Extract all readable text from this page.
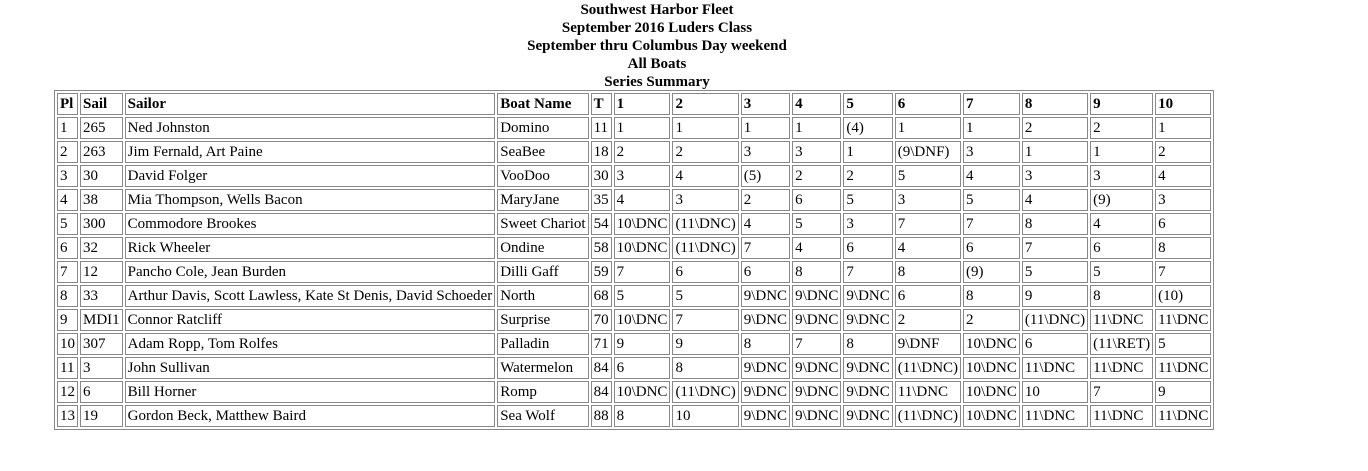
Southwest Harbor Fleet
September 2016 Luders Class
September thru Columbus Day weekend
All Boats
Series Summary
Pl	Sail	Sailor	Boat Name	T	1	2	3	4	5	6	7	8	9	10
1	265	Ned Johnston	Domino	11	1	1	1	1	(4)	1	1	2	2	1
2	263	Jim Fernald, Art Paine	SeaBee	18	2	2	3	3	1	(9\DNF)	3	1	1	2
3	30	David Folger	VooDoo	30	3	4	(5)	2	2	5	4	3	3	4
4	38	Mia Thompson, Wells Bacon	MaryJane	35	4	3	2	6	5	3	5	4	(9)	3
5	300	Commodore Brookes	Sweet Chariot	54	10\DNC	(11\DNC)	4	5	3	7	7	8	4	6
6	32	Rick Wheeler	Ondine	58	10\DNC	(11\DNC)	7	4	6	4	6	7	6	8
7	12	Pancho Cole, Jean Burden	Dilli Gaff	59	7	6	6	8	7	8	(9)	5	5	7
8	33	Arthur Davis, Scott Lawless, Kate St Denis, David Schoeder	North	68	5	5	9\DNC	9\DNC	9\DNC	6	8	9	8	(10)
9	MDI1	Connor Ratcliff	Surprise	70	10\DNC	7	9\DNC	9\DNC	9\DNC	2	2	(11\DNC)	11\DNC	11\DNC
10	307	Adam Ropp, Tom Rolfes	Palladin	71	9	9	8	7	8	9\DNF	10\DNC	6	(11\RET)	5
11	3	John Sullivan	Watermelon	84	6	8	9\DNC	9\DNC	9\DNC	(11\DNC)	10\DNC	11\DNC	11\DNC	11\DNC
12	6	Bill Horner	Romp	84	10\DNC	(11\DNC)	9\DNC	9\DNC	9\DNC	11\DNC	10\DNC	10	7	9
13	19	Gordon Beck, Matthew Baird	Sea Wolf	88	8	10	9\DNC	9\DNC	9\DNC	(11\DNC)	10\DNC	11\DNC	11\DNC	11\DNC
